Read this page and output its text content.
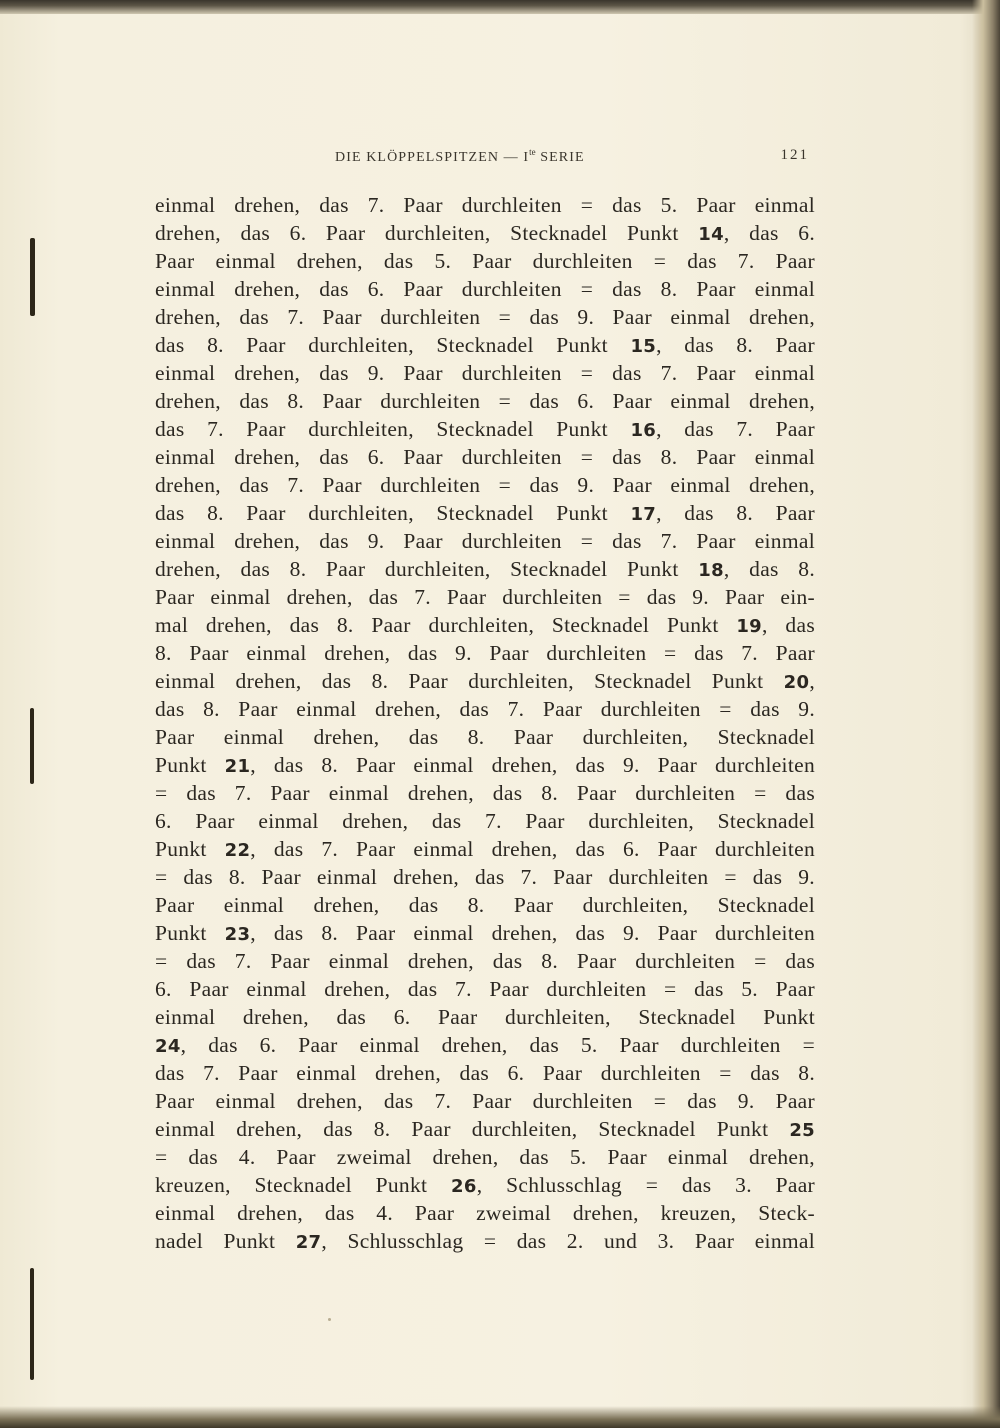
DIE KLÖPPELSPITZEN — $I^{te}$ SERIE	121
einmal drehen, das 7. Paar durchleiten = das 5. Paar einmal
drehen, das 6. Paar durchleiten, Stecknadel Punkt 14, das 6.
Paar einmal drehen, das 5. Paar durchleiten = das 7. Paar
einmal drehen, das 6. Paar durchleiten = das 8. Paar einmal
drehen, das 7. Paar durchleiten = das 9. Paar einmal drehen,
das 8. Paar durchleiten, Stecknadel Punkt 15, das 8. Paar
einmal drehen, das 9. Paar durchleiten = das 7. Paar einmal
drehen, das 8. Paar durchleiten = das 6. Paar einmal drehen,
das 7. Paar durchleiten, Stecknadel Punkt 16, das 7. Paar
einmal drehen, das 6. Paar durchleiten = das 8. Paar einmal
drehen, das 7. Paar durchleiten = das 9. Paar einmal drehen,
das 8. Paar durchleiten, Stecknadel Punkt 17, das 8. Paar
einmal drehen, das 9. Paar durchleiten = das 7. Paar einmal
drehen, das 8. Paar durchleiten, Stecknadel Punkt 18, das 8.
Paar einmal drehen, das 7. Paar durchleiten = das 9. Paar ein-
mal drehen, das 8. Paar durchleiten, Stecknadel Punkt 19, das
8. Paar einmal drehen, das 9. Paar durchleiten = das 7. Paar
einmal drehen, das 8. Paar durchleiten, Stecknadel Punkt 20,
das 8. Paar einmal drehen, das 7. Paar durchleiten = das 9.
Paar einmal drehen, das 8. Paar durchleiten, Stecknadel
Punkt 21, das 8. Paar einmal drehen, das 9. Paar durchleiten
= das 7. Paar einmal drehen, das 8. Paar durchleiten = das
6. Paar einmal drehen, das 7. Paar durchleiten, Stecknadel
Punkt 22, das 7. Paar einmal drehen, das 6. Paar durchleiten
= das 8. Paar einmal drehen, das 7. Paar durchleiten = das 9.
Paar einmal drehen, das 8. Paar durchleiten, Stecknadel
Punkt 23, das 8. Paar einmal drehen, das 9. Paar durchleiten
= das 7. Paar einmal drehen, das 8. Paar durchleiten = das
6. Paar einmal drehen, das 7. Paar durchleiten = das 5. Paar
einmal drehen, das 6. Paar durchleiten, Stecknadel Punkt
24, das 6. Paar einmal drehen, das 5. Paar durchleiten =
das 7. Paar einmal drehen, das 6. Paar durchleiten = das 8.
Paar einmal drehen, das 7. Paar durchleiten = das 9. Paar
einmal drehen, das 8. Paar durchleiten, Stecknadel Punkt 25
= das 4. Paar zweimal drehen, das 5. Paar einmal drehen,
kreuzen, Stecknadel Punkt 26, Schlusschlag = das 3. Paar
einmal drehen, das 4. Paar zweimal drehen, kreuzen, Steck-
nadel Punkt 27, Schlusschlag = das 2. und 3. Paar einmal
